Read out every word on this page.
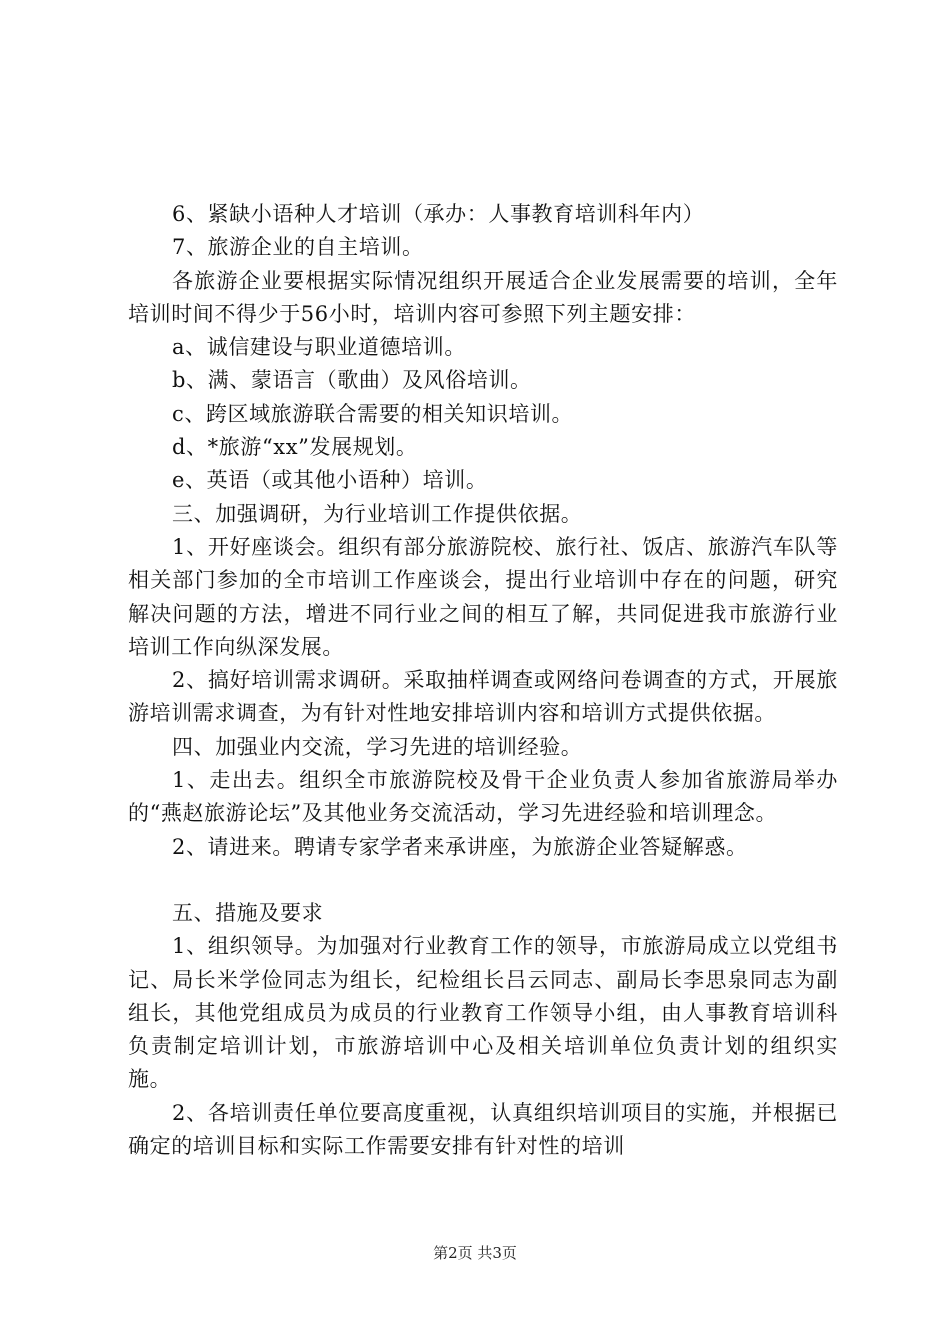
6、紧缺小语种人才培训（承办：人事教育培训科年内）

7、旅游企业的自主培训。

各旅游企业要根据实际情况组织开展适合企业发展需要的培训，全年培训时间不得少于56小时，培训内容可参照下列主题安排：

a、诚信建设与职业道德培训。

b、满、蒙语言（歌曲）及风俗培训。

c、跨区域旅游联合需要的相关知识培训。

d、*旅游“xx”发展规划。

e、英语（或其他小语种）培训。

三、加强调研，为行业培训工作提供依据。

1、开好座谈会。组织有部分旅游院校、旅行社、饭店、旅游汽车队等相关部门参加的全市培训工作座谈会，提出行业培训中存在的问题，研究解决问题的方法，增进不同行业之间的相互了解，共同促进我市旅游行业培训工作向纵深发展。

2、搞好培训需求调研。采取抽样调查或网络问卷调查的方式，开展旅游培训需求调查，为有针对性地安排培训内容和培训方式提供依据。

四、加强业内交流，学习先进的培训经验。

1、走出去。组织全市旅游院校及骨干企业负责人参加省旅游局举办的“燕赵旅游论坛”及其他业务交流活动，学习先进经验和培训理念。

2、请进来。聘请专家学者来承讲座，为旅游企业答疑解惑。

五、措施及要求

1、组织领导。为加强对行业教育工作的领导，市旅游局成立以党组书记、局长米学俭同志为组长，纪检组长吕云同志、副局长李思泉同志为副组长，其他党组成员为成员的行业教育工作领导小组，由人事教育培训科负责制定培训计划，市旅游培训中心及相关培训单位负责计划的组织实施。

2、各培训责任单位要高度重视，认真组织培训项目的实施，并根据已确定的培训目标和实际工作需要安排有针对性的培训

第2页 共3页
